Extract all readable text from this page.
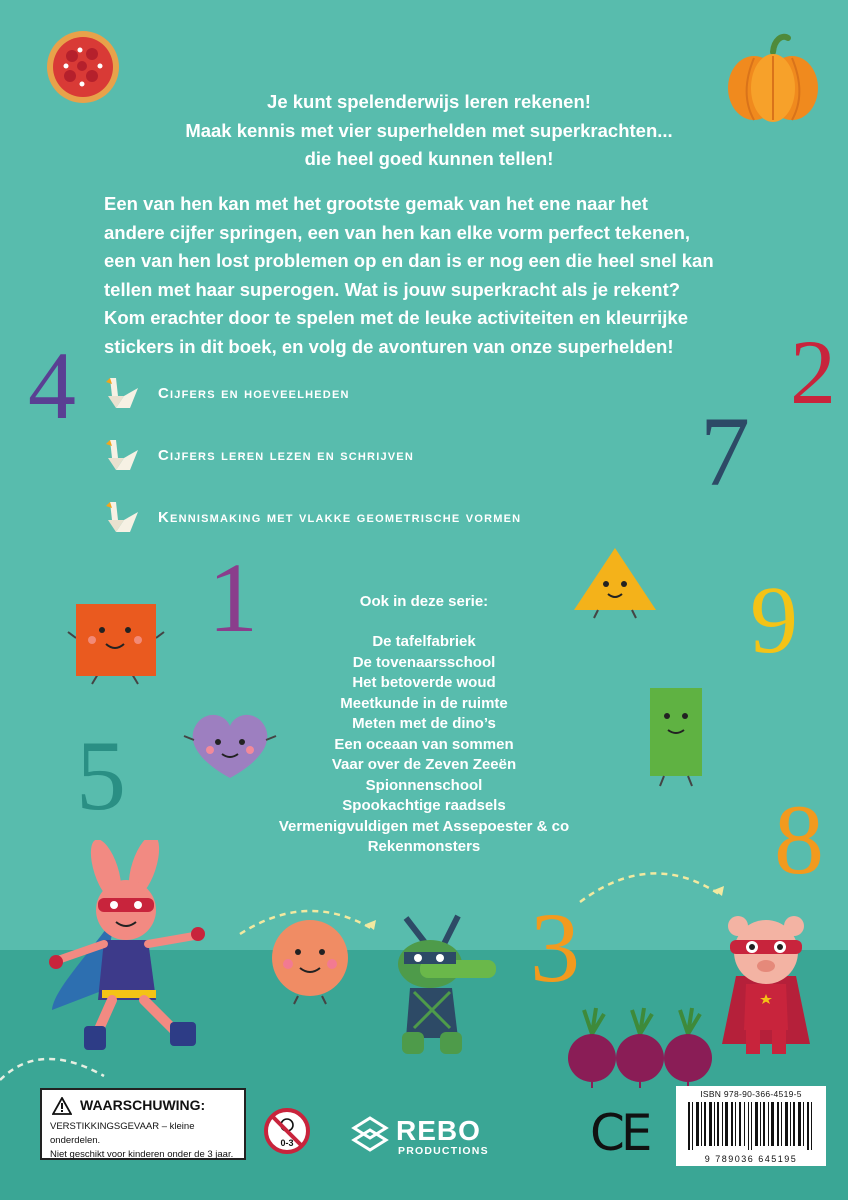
Je kunt spelenderwijs leren rekenen!
Maak kennis met vier superhelden met superkrachten...
die heel goed kunnen tellen!
Een van hen kan met het grootste gemak van het ene naar het
andere cijfer springen, een van hen kan elke vorm perfect tekenen,
een van hen lost problemen op en dan is er nog een die heel snel kan
tellen met haar superogen. Wat is jouw superkracht als je rekent?
Kom erachter door te spelen met de leuke activiteiten en kleurrijke
stickers in dit boek, en volg de avonturen van onze superhelden!
Cijfers en hoeveelheden
Cijfers leren lezen en schrijven
Kennismaking met vlakke geometrische vormen
Ook in deze serie:
De tafelfabriek
De tovenaarsschool
Het betoverde woud
Meetkunde in de ruimte
Meten met de dino’s
Een oceaan van sommen
Vaar over de Zeven Zeeën
Spionnenschool
Spookachtige raadsels
Vermenigvuldigen met Assepoester & co
Rekenmonsters
4	2
7
1	9
5
8
3
WAARSCHUWING:
VERSTIKKINGSGEVAAR – kleine onderdelen.
Niet geschikt voor kinderen onder de 3 jaar.
0-3	REBO
PRODUCTIONS CE
ISBN 978-90-366-4519-5
9 789036 645195
